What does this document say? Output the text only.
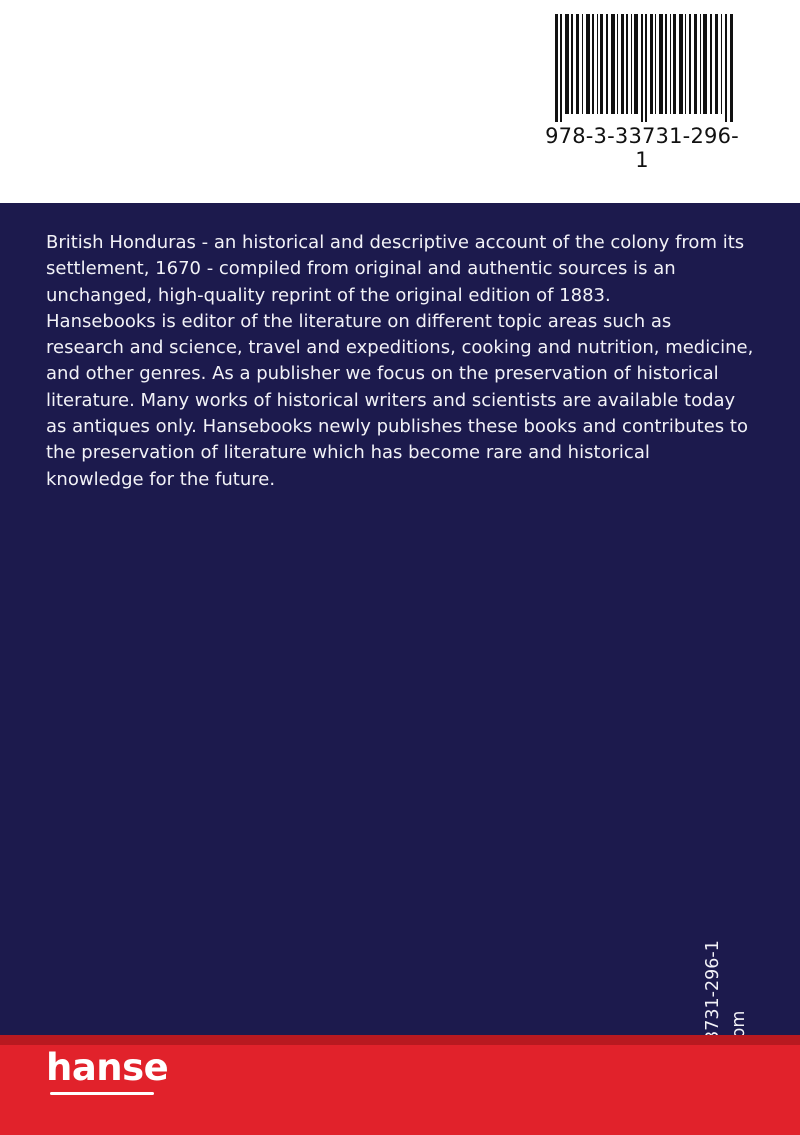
978-3-33731-296-1

British Honduras - an historical and descriptive account of the colony from its
settlement, 1670 - compiled from original and authentic sources is an
unchanged, high-quality reprint of the original edition of 1883.
Hansebooks is editor of the literature on different topic areas such as
research and science, travel and expeditions, cooking and nutrition, medicine,
and other genres. As a publisher we focus on the preservation of historical
literature. Many works of historical writers and scientists are available today
as antiques only. Hansebooks newly publishes these books and contributes to
the preservation of literature which has become rare and historical
knowledge for the future.

hanse
